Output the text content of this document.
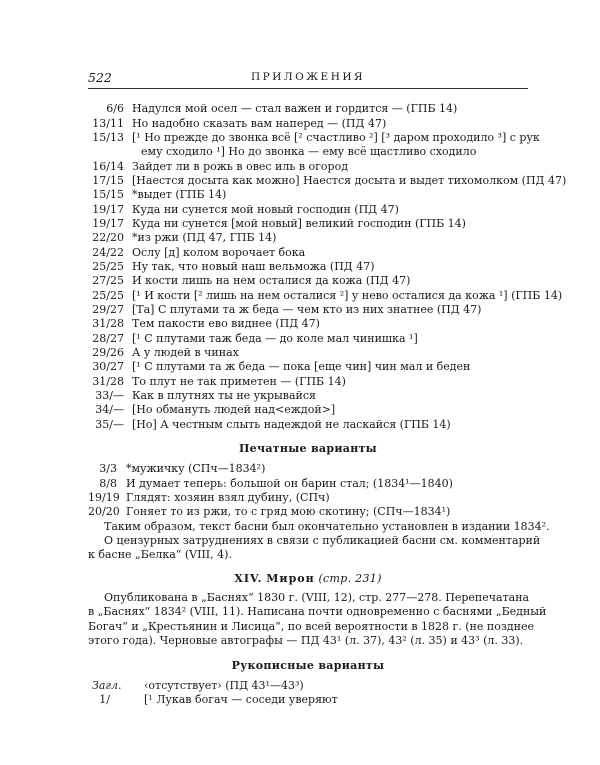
522	ПРИЛОЖЕНИЯ
6/6 Надулся мой осел — стал важен и гордится — (ГПБ 14)
13/11 Но надобно сказать вам наперед — (ПД 47)
15/13 [¹ Но прежде до звонка всё [² счастливо ²] [³ даром проходило ³] с рук
ему сходило ¹] Но до звонка — ему всё щастливо сходило
16/14 Зайдет ли в рожь в овес иль в огород
17/15 [Наестся досыта как можно] Наестся досыта и выдет тихомолком (ПД 47)
15/15 *выдет (ГПБ 14)
19/17 Куда ни сунется мой новый господин (ПД 47)
19/17 Куда ни сунется [мой новый] великий господин (ГПБ 14)
22/20 *из ржи (ПД 47, ГПБ 14)
24/22 Ослу [д] колом ворочает бока
25/25 Ну так, что новый наш вельможа (ПД 47)
27/25 И кости лишь на нем осталися да кожа (ПД 47)
25/25 [¹ И кости [² лишь на нем осталися ²] у нево осталися да кожа ¹] (ГПБ 14)
29/27 [Та] С плутами та ж беда — чем кто из них знатнее (ПД 47)
31/28 Тем пакости ево виднее (ПД 47)
28/27 [¹ С плутами таж беда — до коле мал чинишка ¹]
29/26 А у людей в чинах
30/27 [¹ С плутами та ж беда — пока [еще чин] чин мал и беден
31/28 То плут не так приметен — (ГПБ 14)
33/— Как в плутнях ты не укрывайся
34/— [Но обмануть людей над<еждой>]
35/— [Но] А честным слыть надеждой не ласкайся (ГПБ 14)
Печатные варианты
3/3 *мужичку (СПч—1834²)
8/8 И думает теперь: большой он барин стал; (1834¹—1840)
19/19 Глядят: хозяин взял дубину, (СПч)
20/20 Гоняет то из ржи, то с гряд мою скотину; (СПч—1834¹)
Таким образом, текст басни был окончательно установлен в издании 1834².
О цензурных затруднениях в связи с публикацией басни см. комментарий
к басне „Белка“ (VIII, 4).
XIV. Мирон (стр. 231)
Опубликована в „Баснях“ 1830 г. (VIII, 12), стр. 277—278. Перепечатана
в „Баснях“ 1834² (VIII, 11). Написана почти одновременно с баснями „Бедный
Богач“ и „Крестьянин и Лисица“, по всей вероятности в 1828 г. (не позднее
этого года). Черновые автографы — ПД 43¹ (л. 37), 43² (л. 35) и 43³ (л. 33).
Рукописные варианты
Загл. ‹отсутствует› (ПД 43¹—43³)
1/	[¹ Лукав богач — соседи уверяют
